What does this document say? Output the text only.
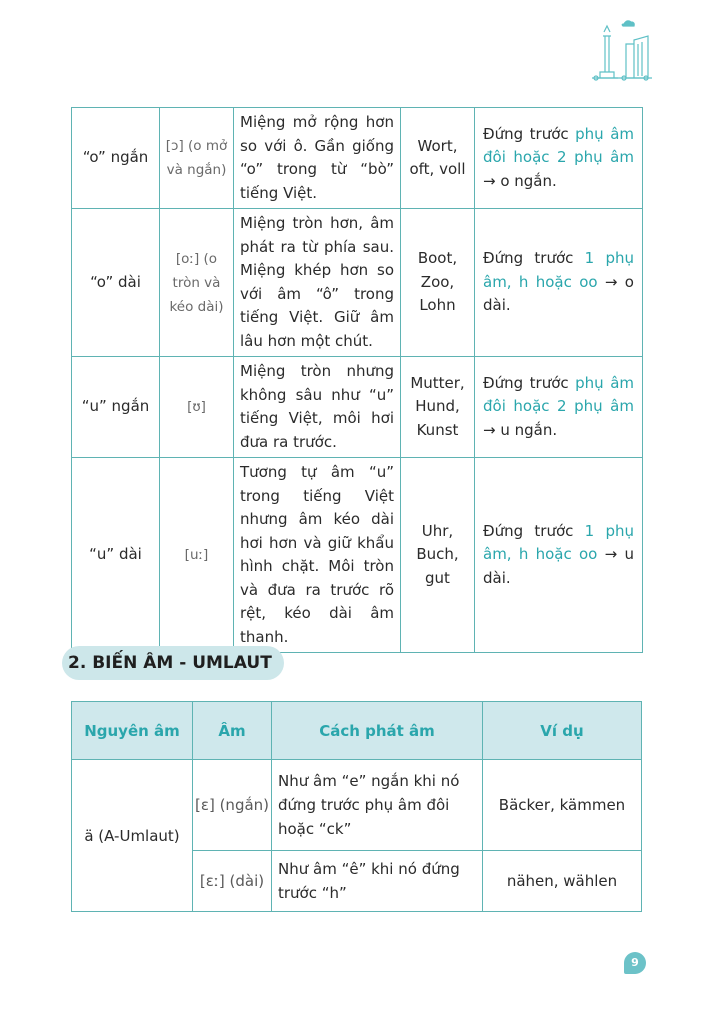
“o” ngắn	[ɔ] (o mở và ngắn)	Miệng mở rộng hơn so với ô. Gần giống “o” trong từ “bò” tiếng Việt.	Wort,
oft, voll	Đứng trước phụ âm đôi hoặc 2 phụ âm → o ngắn.
“o” dài	[oː] (o tròn và kéo dài)	Miệng tròn hơn, âm phát ra từ phía sau. Miệng khép hơn so với âm “ô” trong tiếng Việt. Giữ âm lâu hơn một chút.	Boot,
Zoo,
Lohn	Đứng trước 1 phụ âm, h hoặc oo → o dài.
“u” ngắn	[ʊ]	Miệng tròn nhưng không sâu như “u” tiếng Việt, môi hơi đưa ra trước.	Mutter,
Hund,
Kunst	Đứng trước phụ âm đôi hoặc 2 phụ âm → u ngắn.
“u” dài	[uː]	Tương tự âm “u” trong tiếng Việt nhưng âm kéo dài hơi hơn và giữ khẩu hình chặt. Môi tròn và đưa ra trước rõ rệt, kéo dài âm thanh.	Uhr,
Buch,
gut	Đứng trước 1 phụ âm, h hoặc oo → u dài.
2. BIẾN ÂM - UMLAUT
Nguyên âm	Âm	Cách phát âm	Ví dụ
ä (A-Umlaut)	[ɛ] (ngắn)	Như âm “e” ngắn khi nó đứng trước phụ âm đôi hoặc “ck”	Bäcker, kämmen
	[ɛː] (dài)	Như âm “ê” khi nó đứng trước “h”	nähen, wählen
9
